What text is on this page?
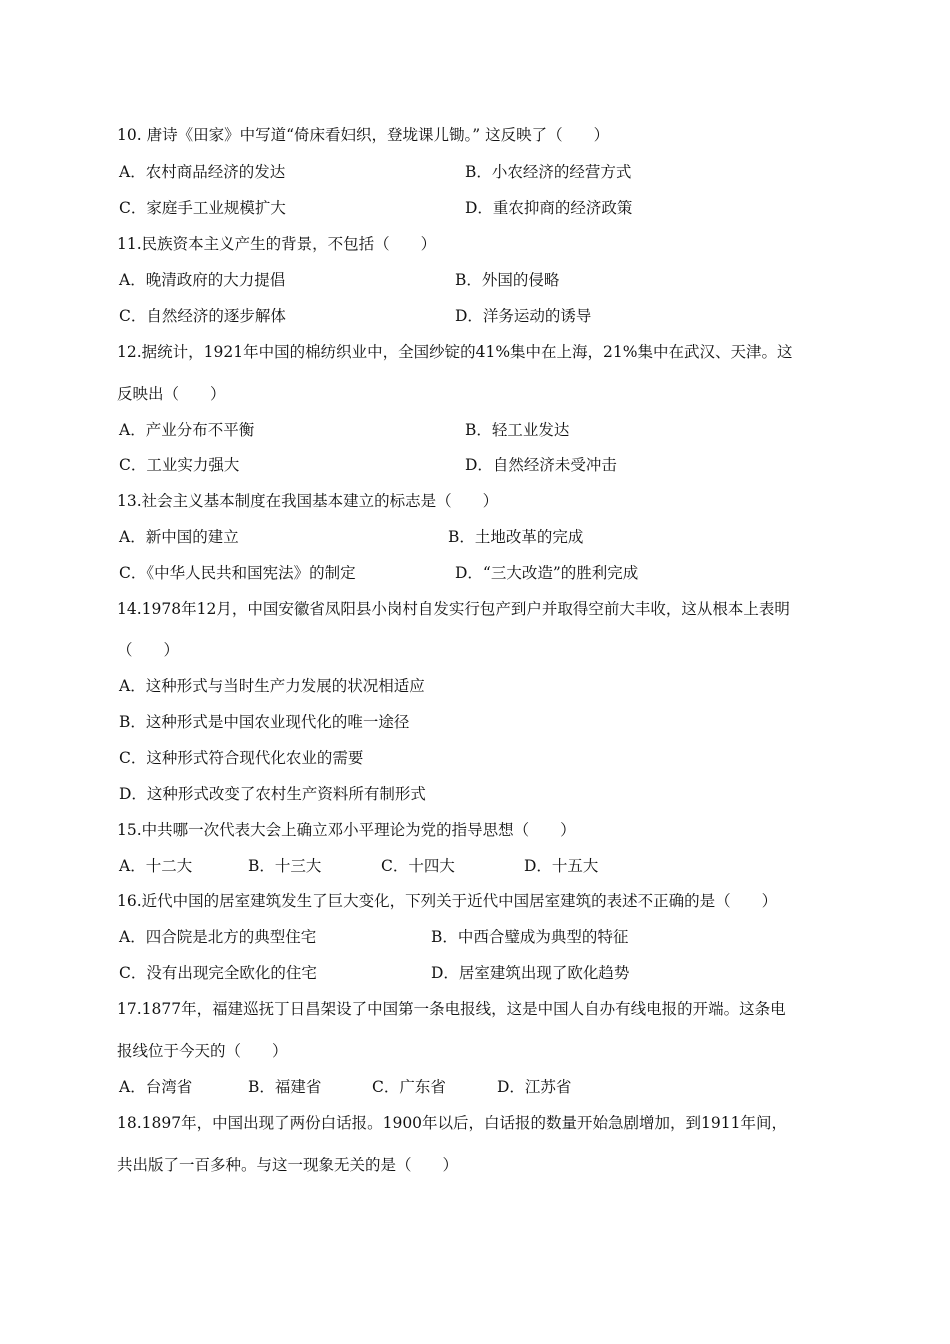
10. 唐诗《田家》中写道“倚床看妇织，登垅课儿锄。” 这反映了（　　）
A．农村商品经济的发达	B．小农经济的经营方式
C．家庭手工业规模扩大	D．重农抑商的经济政策
11.民族资本主义产生的背景，不包括（　　）
A．晚清政府的大力提倡	B．外国的侵略
C．自然经济的逐步解体	D．洋务运动的诱导
12.据统计，1921年中国的棉纺织业中，全国纱锭的41%集中在上海，21%集中在武汉、天津。这
反映出（　　）
A．产业分布不平衡	B．轻工业发达
C．工业实力强大	D．自然经济未受冲击
13.社会主义基本制度在我国基本建立的标志是（　　）
A．新中国的建立	B．土地改革的完成
C．《中华人民共和国宪法》的制定	D．“三大改造”的胜利完成
14.1978年12月，中国安徽省凤阳县小岗村自发实行包产到户并取得空前大丰收，这从根本上表明
（　　）
A．这种形式与当时生产力发展的状况相适应
B．这种形式是中国农业现代化的唯一途径
C．这种形式符合现代化农业的需要
D．这种形式改变了农村生产资料所有制形式
15.中共哪一次代表大会上确立邓小平理论为党的指导思想（　　）
A．十二大	B．十三大	C．十四大	D．十五大
16.近代中国的居室建筑发生了巨大变化，下列关于近代中国居室建筑的表述不正确的是（　　）
A．四合院是北方的典型住宅	B．中西合璧成为典型的特征
C．没有出现完全欧化的住宅	D．居室建筑出现了欧化趋势
17.1877年，福建巡抚丁日昌架设了中国第一条电报线，这是中国人自办有线电报的开端。这条电
报线位于今天的（　　）
A．台湾省	B．福建省	C．广东省	D．江苏省
18.1897年，中国出现了两份白话报。1900年以后，白话报的数量开始急剧增加，到1911年间，
共出版了一百多种。与这一现象无关的是（　　）
